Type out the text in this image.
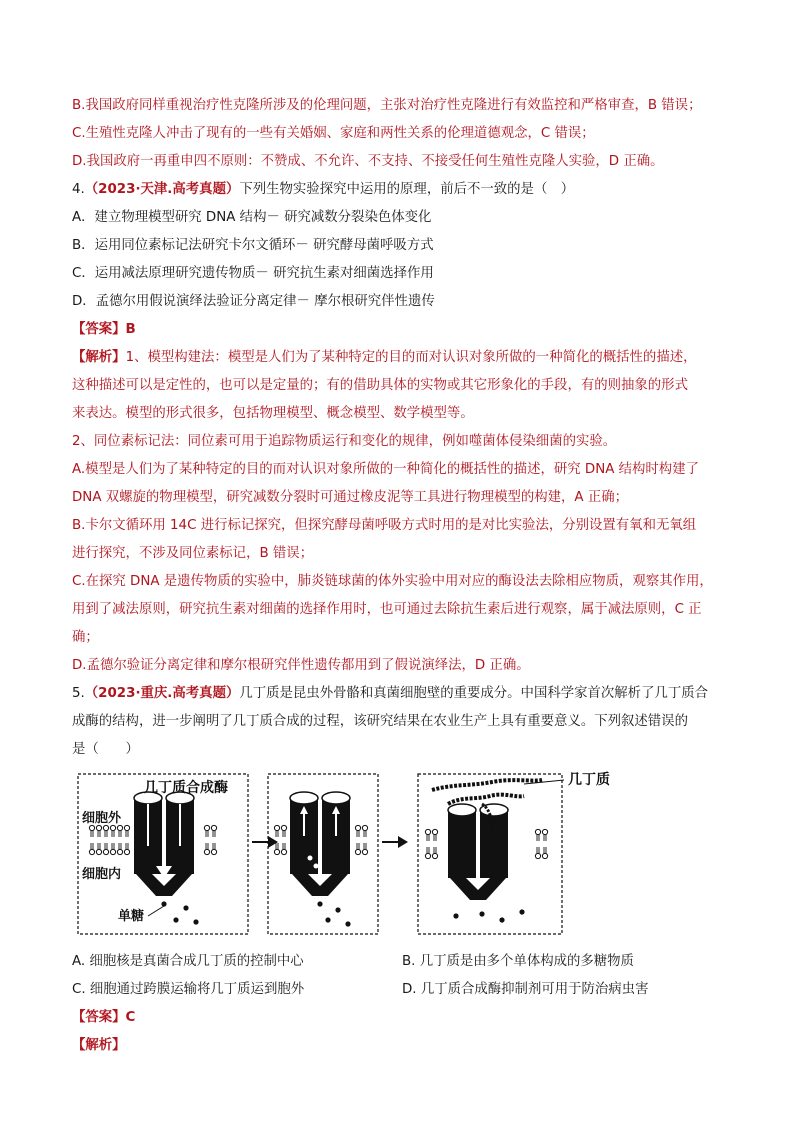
B.我国政府同样重视治疗性克隆所涉及的伦理问题，主张对治疗性克隆进行有效监控和严格审查，B 错误；
C.生殖性克隆人冲击了现有的一些有关婚姻、家庭和两性关系的伦理道德观念，C 错误；
D.我国政府一再重申四不原则：不赞成、不允许、不支持、不接受任何生殖性克隆人实验，D 正确。
4.（2023·天津.高考真题）下列生物实验探究中运用的原理，前后不一致的是（　）
A．建立物理模型研究 DNA 结构－ 研究减数分裂染色体变化
B．运用同位素标记法研究卡尔文循环－ 研究酵母菌呼吸方式
C．运用减法原理研究遗传物质－ 研究抗生素对细菌选择作用
D．孟德尔用假说演绎法验证分离定律－ 摩尔根研究伴性遗传
【答案】B
【解析】1、模型构建法：模型是人们为了某种特定的目的而对认识对象所做的一种简化的概括性的描述，
这种描述可以是定性的，也可以是定量的；有的借助具体的实物或其它形象化的手段，有的则抽象的形式
来表达。模型的形式很多，包括物理模型、概念模型、数学模型等。
2、同位素标记法：同位素可用于追踪物质运行和变化的规律，例如噬菌体侵染细菌的实验。
A.模型是人们为了某种特定的目的而对认识对象所做的一种简化的概括性的描述，研究 DNA 结构时构建了
DNA 双螺旋的物理模型，研究减数分裂时可通过橡皮泥等工具进行物理模型的构建，A 正确；
B.卡尔文循环用 14C 进行标记探究，但探究酵母菌呼吸方式时用的是对比实验法，分别设置有氧和无氧组
进行探究，不涉及同位素标记，B 错误；
C.在探究 DNA 是遗传物质的实验中，肺炎链球菌的体外实验中用对应的酶设法去除相应物质，观察其作用，
用到了减法原则，研究抗生素对细菌的选择作用时，也可通过去除抗生素后进行观察，属于减法原则，C 正
确；
D.孟德尔验证分离定律和摩尔根研究伴性遗传都用到了假说演绎法，D 正确。
5.（2023·重庆.高考真题）几丁质是昆虫外骨骼和真菌细胞壁的重要成分。中国科学家首次解析了几丁质合
成酶的结构，进一步阐明了几丁质合成的过程，该研究结果在农业生产上具有重要意义。下列叙述错误的
是（　　）
几丁质合成酶
细胞外
细胞内
单糖
几丁质
A. 细胞核是真菌合成几丁质的控制中心	B. 几丁质是由多个单体构成的多糖物质
C. 细胞通过跨膜运输将几丁质运到胞外	D. 几丁质合成酶抑制剂可用于防治病虫害
【答案】C
【解析】
